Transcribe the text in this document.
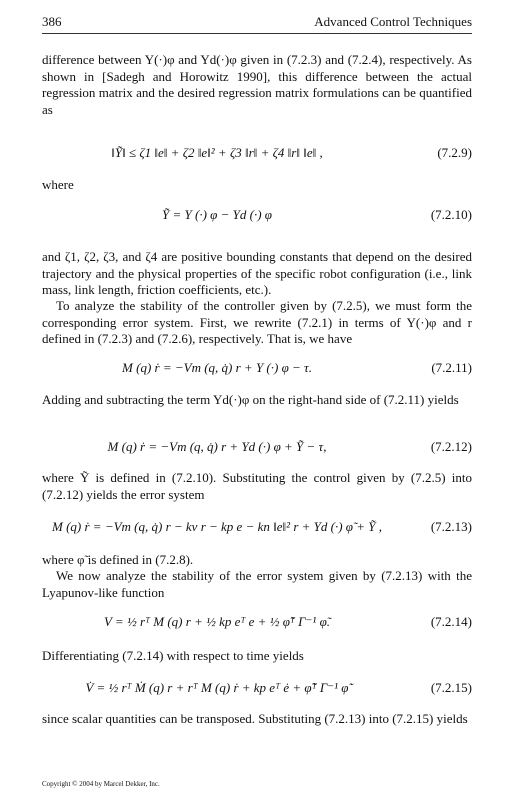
386	Advanced Control Techniques

difference between Y(·)φ and Yd(·)φ given in (7.2.3) and (7.2.4), respectively. As shown in [Sadegh and Horowitz 1990], this difference between the actual regression matrix and the desired regression matrix formulations can be quantified as

‖Ỹ‖ ≤ ζ1 ‖e‖ + ζ2 ‖e‖² + ζ3 ‖r‖ + ζ4 ‖r‖ ‖e‖ ,	(7.2.9)

where

Ỹ = Y (·) φ − Yd (·) φ	(7.2.10)

and ζ1, ζ2, ζ3, and ζ4 are positive bounding constants that depend on the desired trajectory and the physical properties of the specific robot configuration (i.e., link mass, link length, friction coefficients, etc.).

To analyze the stability of the controller given by (7.2.5), we must form the corresponding error system. First, we rewrite (7.2.1) in terms of Y(·)φ and r defined in (7.2.3) and (7.2.6), respectively. That is, we have

M (q) ṙ = −Vm (q, q̇) r + Y (·) φ − τ.	(7.2.11)

Adding and subtracting the term Yd(·)φ on the right-hand side of (7.2.11) yields

M (q) ṙ = −Vm (q, q̇) r + Yd (·) φ + Ỹ − τ,	(7.2.12)

where Ỹ is defined in (7.2.10). Substituting the control given by (7.2.5) into (7.2.12) yields the error system

M (q) ṙ = −Vm (q, q̇) r − kv r − kp e − kn ‖e‖² r + Yd (·) φ̃ + Ỹ ,	(7.2.13)

where φ̃ is defined in (7.2.8).

We now analyze the stability of the error system given by (7.2.13) with the Lyapunov-like function

V = ½ rᵀ M (q) r + ½ kp eᵀ e + ½ φ̃ᵀ Γ⁻¹ φ̃.	(7.2.14)

Differentiating (7.2.14) with respect to time yields

V̇ = ½ rᵀ Ṁ (q) r + rᵀ M (q) ṙ + kp eᵀ ė + φ̃ᵀ Γ⁻¹ φ̃̇	(7.2.15)

since scalar quantities can be transposed. Substituting (7.2.13) into (7.2.15) yields

Copyright © 2004 by Marcel Dekker, Inc.
